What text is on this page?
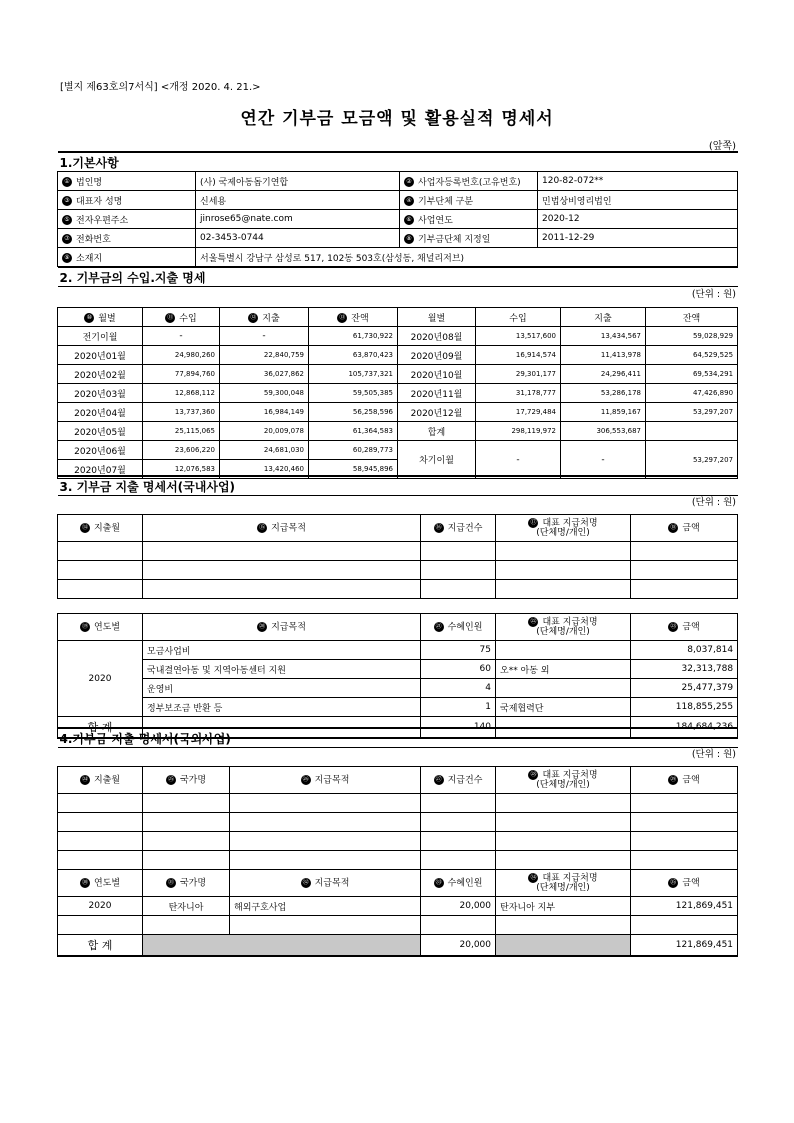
[별지 제63호의7서식] <개정 2020. 4. 21.>
연간 기부금 모금액 및 활용실적 명세서
(앞쪽)
1.기본사항			
① 법인명	(사) 국제아동돕기연합	② 사업자등록번호(고유번호)	120-82-072**
③ 대표자 성명	신세용	④ 기부단체 구분	민법상비영리법인
⑤ 전자우편주소	jinrose65@nate.com	⑥ 사업연도	2020-12
⑦ 전화번호	02-3453-0744	⑧ 기부금단체 지정일	2011-12-29
⑨ 소재지	서울특별시 강남구 삼성로 517, 102동 503호(삼성동, 채널리저브)		
2. 기부금의 수입.지출 명세							

⑩ 월별	⑪ 수입	⑫ 지출	⑬ 잔액	월별	수입	지출	잔액
전기이월	-	-	61,730,922	2020년08월	13,517,600	13,434,567	59,028,929
2020년01월	24,980,260	22,840,759	63,870,423	2020년09월	16,914,574	11,413,978	64,529,525
2020년02월	77,894,760	36,027,862	105,737,321	2020년10월	29,301,177	24,296,411	69,534,291
2020년03월	12,868,112	59,300,048	59,505,385	2020년11월	31,178,777	53,286,178	47,426,890
2020년04월	13,737,360	16,984,149	56,258,596	2020년12월	17,729,484	11,859,167	53,297,207
2020년05월	25,115,065	20,009,078	61,364,583	합계	298,119,972	306,553,687	
2020년06월	23,606,220	24,681,030	60,289,773	차기이월	-	-	53,297,207
2020년07월	12,076,583	13,420,460	58,945,896				
(단위 : 원)
3. 기부금 지출 명세서(국내사업)				

⑭ 지출월	⑮ 지급목적	⑯ 지급건수	⑰ 대표 지급처명
(단체명/개인)	⑱ 금액

⑲ 연도별	⑳ 지급목적	㉑ 수혜인원	㉒ 대표 지급처명
(단체명/개인)	㉓ 금액
2020	모금사업비	75		8,037,814
	국내결연아동 및 지역아동센터 지원	60	오** 아동 외	32,313,788
	운영비	4		25,477,379
	정부보조금 반환 등	1	국제협력단	118,855,255
합 계		140		184,684,236
(단위 : 원)
4.기부금 지출 명세서(국외사업)					

㉔ 지출월	㉕ 국가명	㉖ 지급목적	㉗ 지급건수	㉘ 대표 지급처명
(단체명/개인)	㉙ 금액

㉚ 연도별	㉛ 국가명	㉜ 지급목적	㉝ 수혜인원	㉞ 대표 지급처명
(단체명/개인)	㉟ 금액
2020	탄자니아	해외구호사업	20,000	탄자니아 지부	121,869,451

합 계			20,000		121,869,451
(단위 : 원)
